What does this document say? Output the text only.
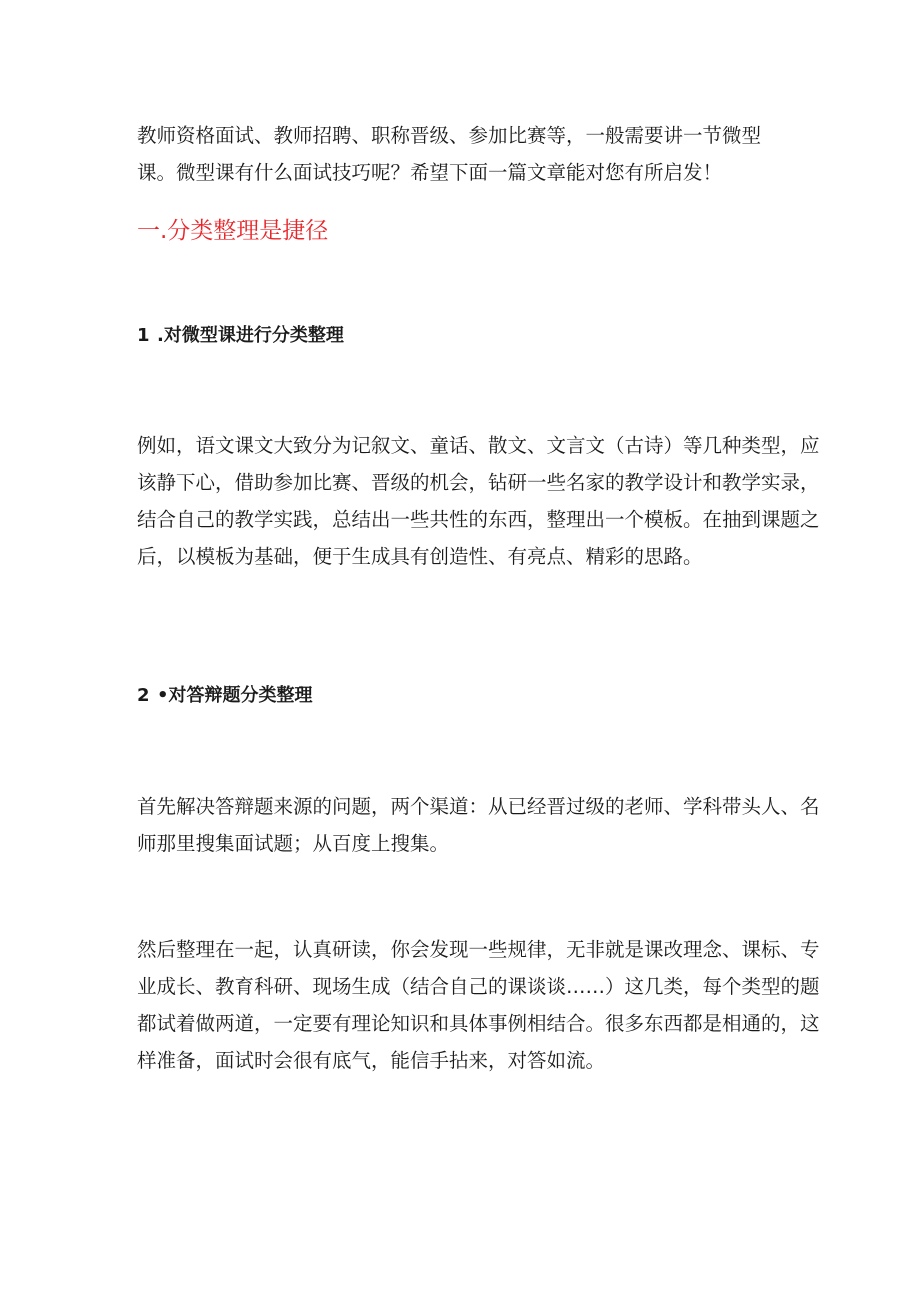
教师资格面试、教师招聘、职称晋级、参加比赛等，一般需要讲一节微型
课。微型课有什么面试技巧呢？希望下面一篇文章能对您有所启发！

一.分类整理是捷径
1 .对微型课进行分类整理

例如，语文课文大致分为记叙文、童话、散文、文言文（古诗）等几种类型，应
该静下心，借助参加比赛、晋级的机会，钻研一些名家的教学设计和教学实录，
结合自己的教学实践，总结出一些共性的东西，整理出一个模板。在抽到课题之
后，以模板为基础，便于生成具有创造性、有亮点、精彩的思路。

2 •对答辩题分类整理

首先解决答辩题来源的问题，两个渠道：从已经晋过级的老师、学科带头人、名
师那里搜集面试题；从百度上搜集。

然后整理在一起，认真研读，你会发现一些规律，无非就是课改理念、课标、专
业成长、教育科研、现场生成（结合自己的课谈谈……）这几类，每个类型的题
都试着做两道，一定要有理论知识和具体事例相结合。很多东西都是相通的，这
样准备，面试时会很有底气，能信手拈来，对答如流。
